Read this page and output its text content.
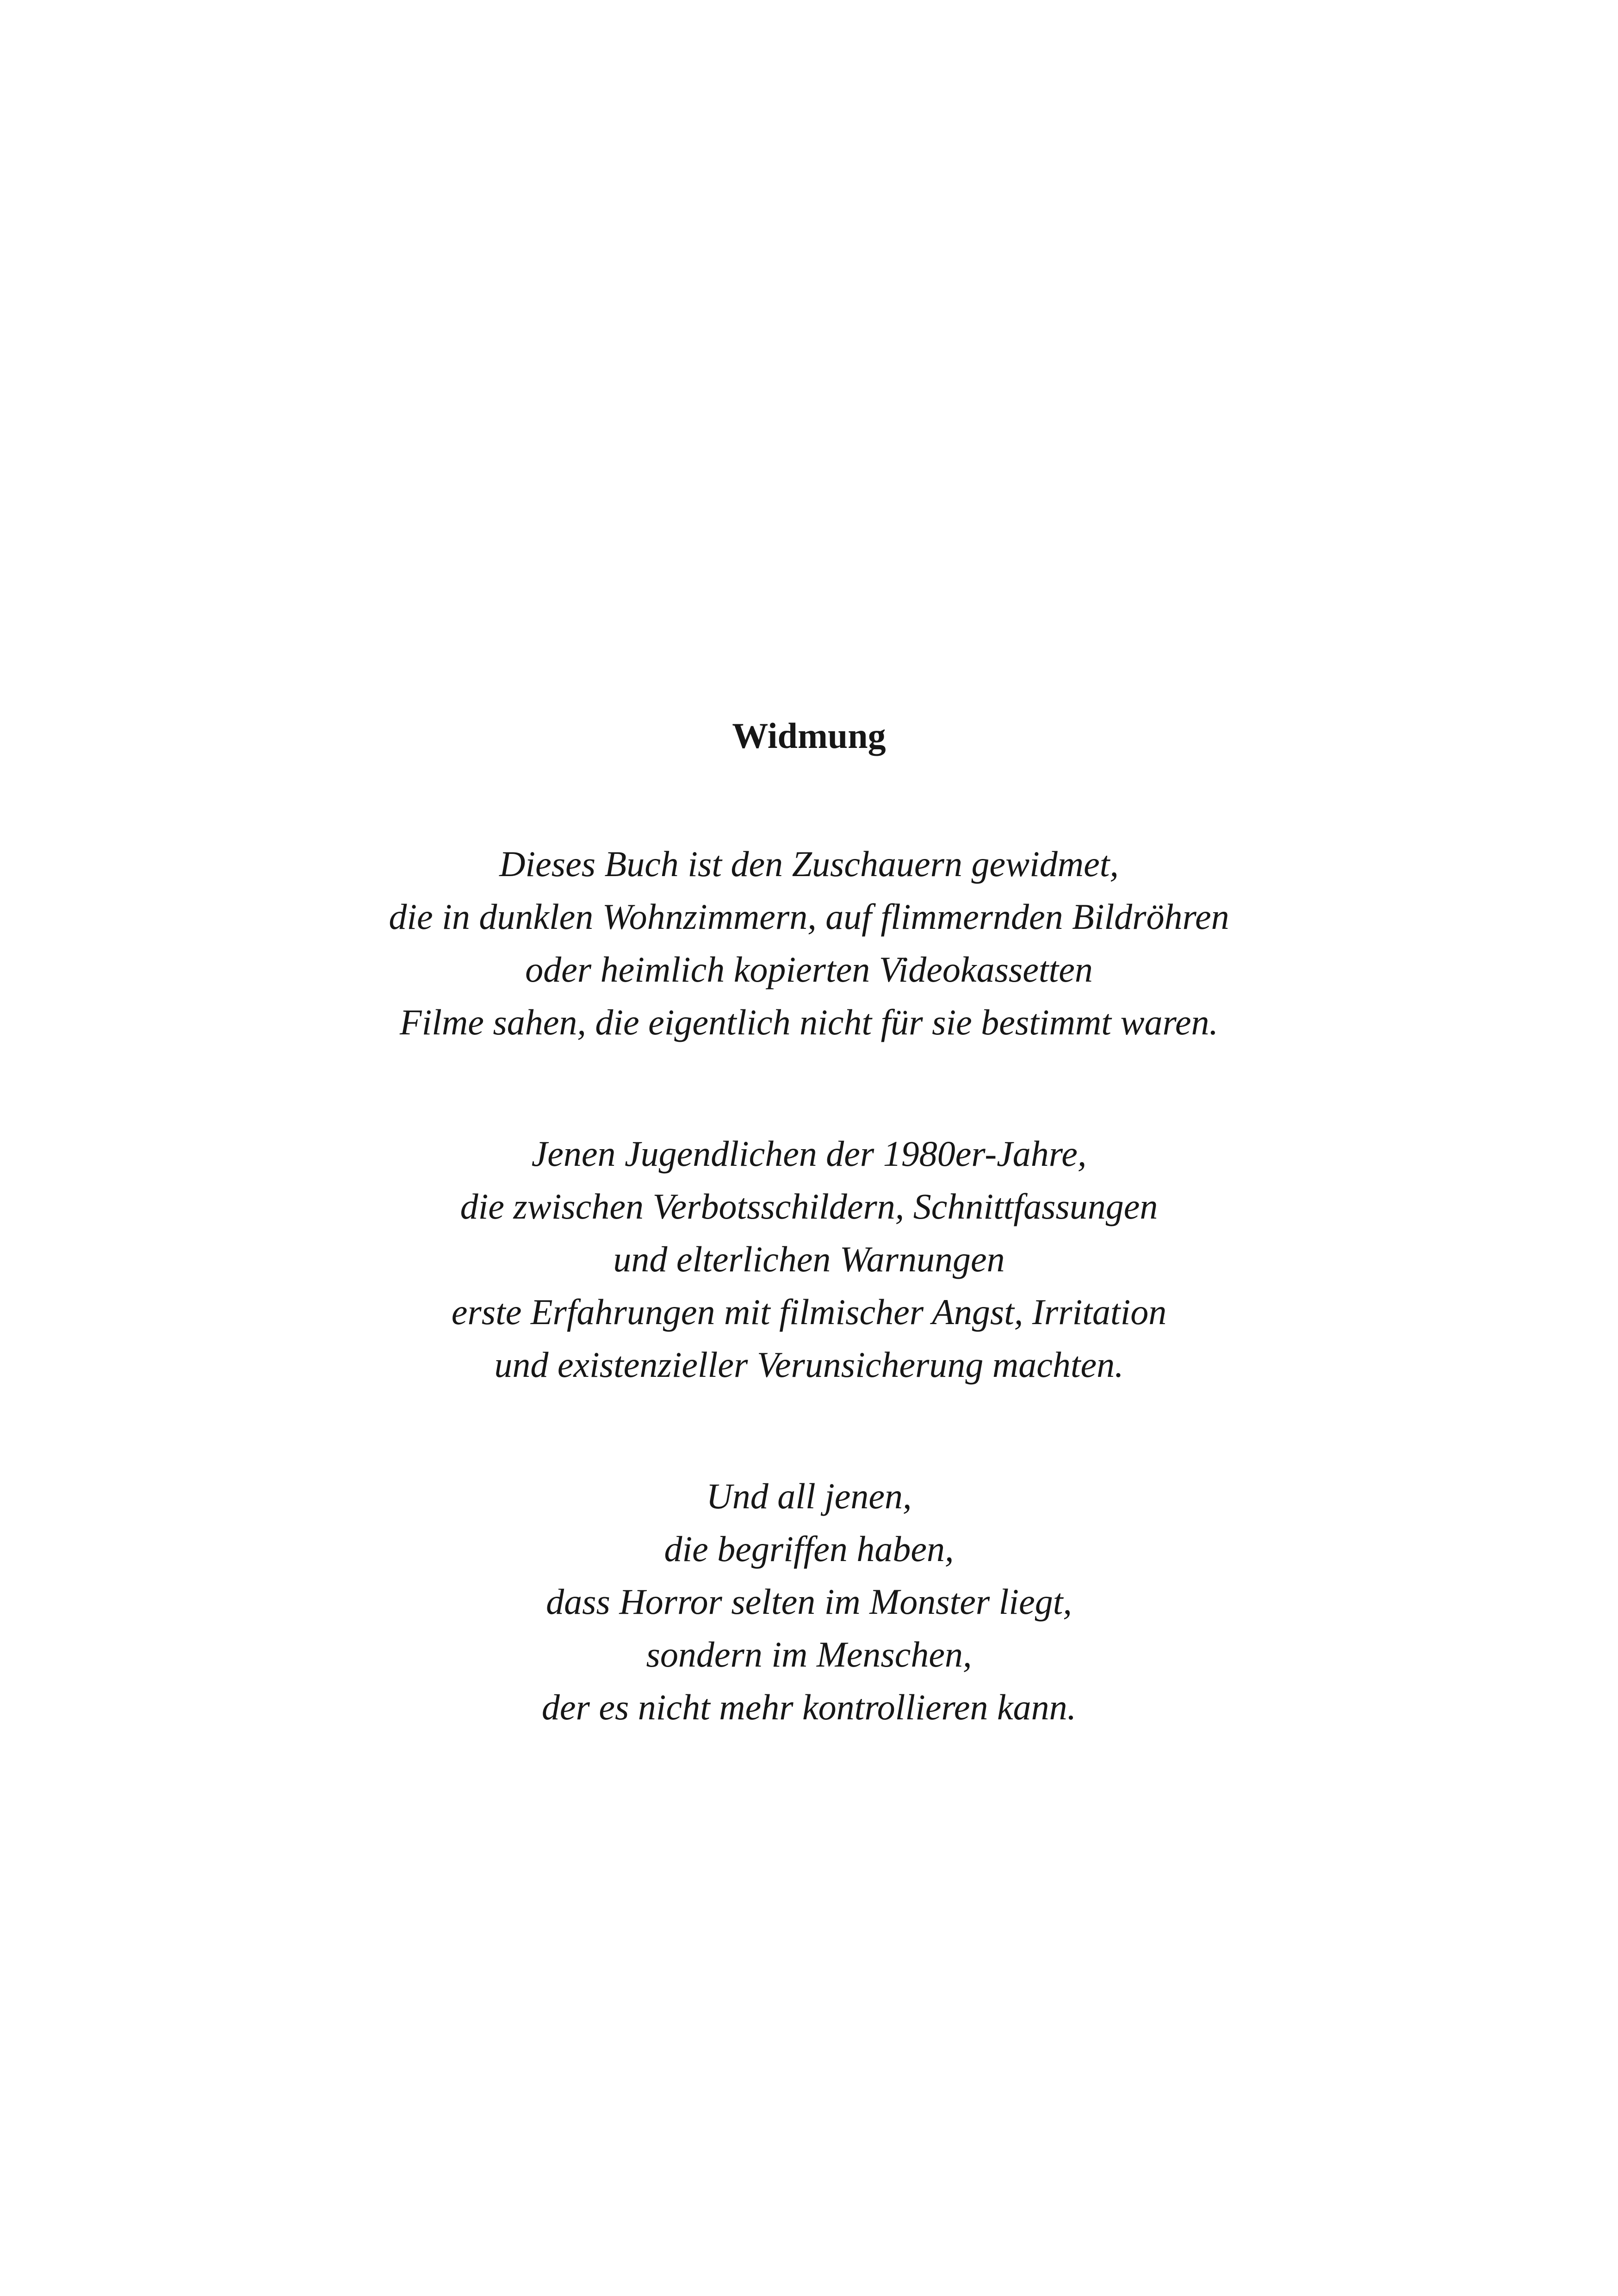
Widmung
Dieses Buch ist den Zuschauern gewidmet,
die in dunklen Wohnzimmern, auf flimmernden Bildröhren
oder heimlich kopierten Videokassetten
Filme sahen, die eigentlich nicht für sie bestimmt waren.
Jenen Jugendlichen der 1980er-Jahre,
die zwischen Verbotsschildern, Schnittfassungen
und elterlichen Warnungen
erste Erfahrungen mit filmischer Angst, Irritation
und existenzieller Verunsicherung machten.
Und all jenen,
die begriffen haben,
dass Horror selten im Monster liegt,
sondern im Menschen,
der es nicht mehr kontrollieren kann.
